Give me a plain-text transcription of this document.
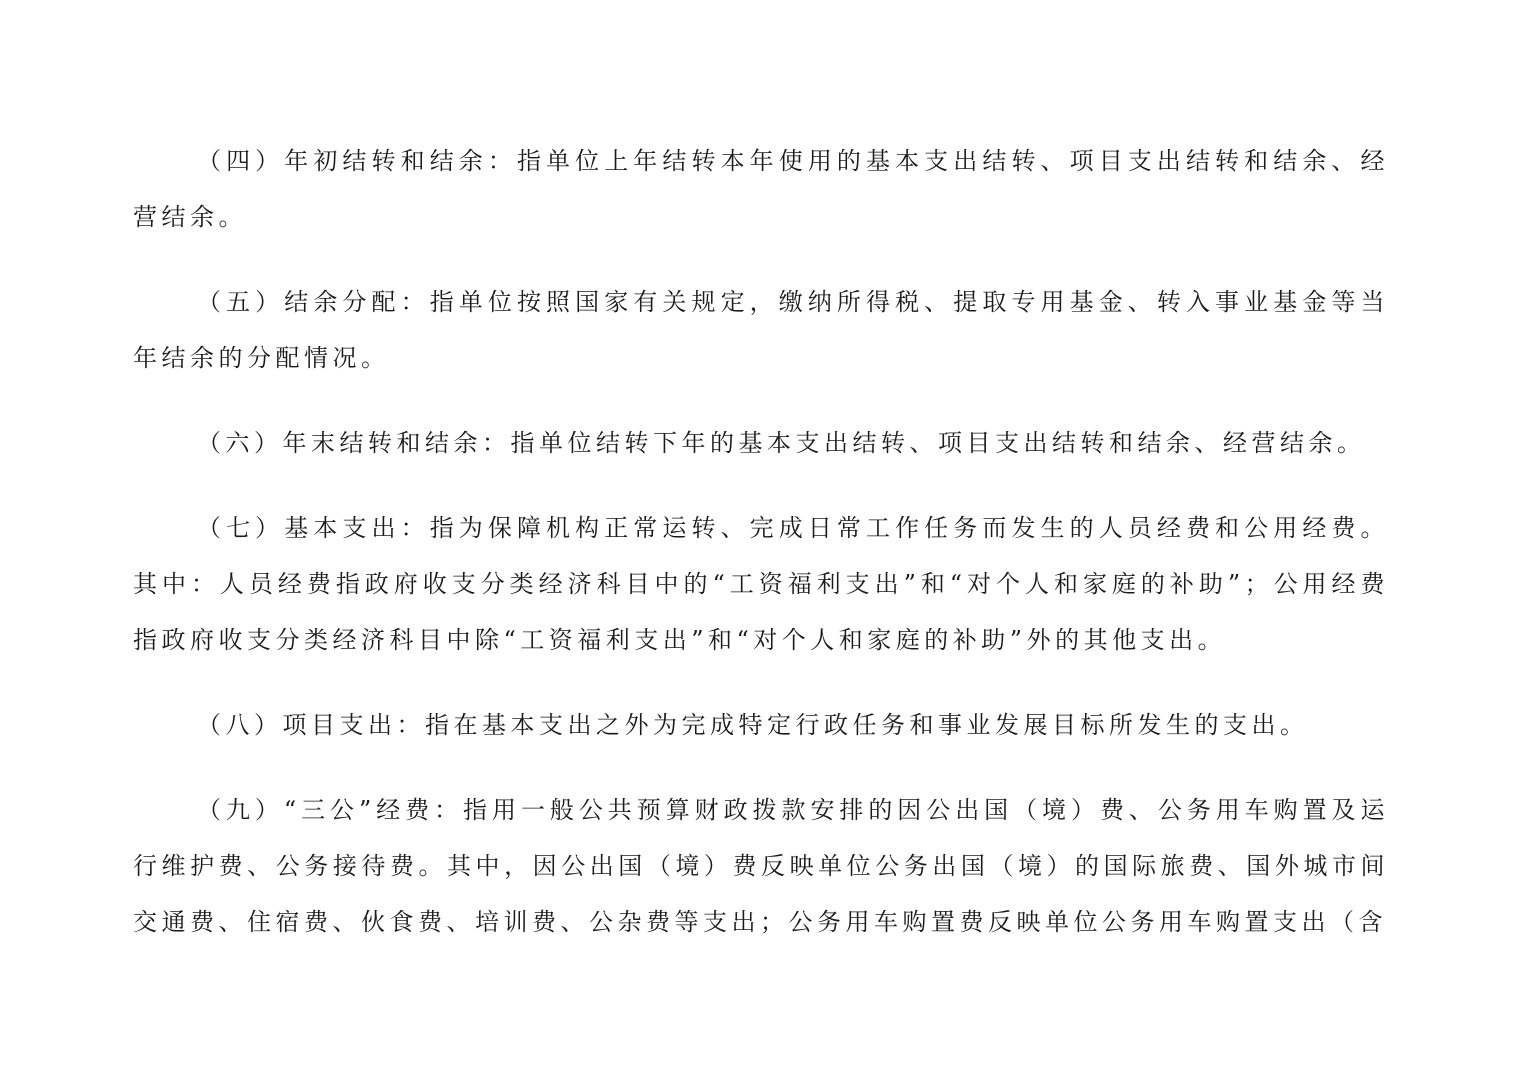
（四）年初结转和结余：指单位上年结转本年使用的基本支出结转、项目支出结转和结余、经营结余。

（五）结余分配：指单位按照国家有关规定，缴纳所得税、提取专用基金、转入事业基金等当年结余的分配情况。

（六）年末结转和结余：指单位结转下年的基本支出结转、项目支出结转和结余、经营结余。

（七）基本支出：指为保障机构正常运转、完成日常工作任务而发生的人员经费和公用经费。其中：人员经费指政府收支分类经济科目中的“工资福利支出”和“对个人和家庭的补助”；公用经费指政府收支分类经济科目中除“工资福利支出”和“对个人和家庭的补助”外的其他支出。

（八）项目支出：指在基本支出之外为完成特定行政任务和事业发展目标所发生的支出。

（九）“三公”经费：指用一般公共预算财政拨款安排的因公出国（境）费、公务用车购置及运行维护费、公务接待费。其中，因公出国（境）费反映单位公务出国（境）的国际旅费、国外城市间交通费、住宿费、伙食费、培训费、公杂费等支出；公务用车购置费反映单位公务用车购置支出（含
